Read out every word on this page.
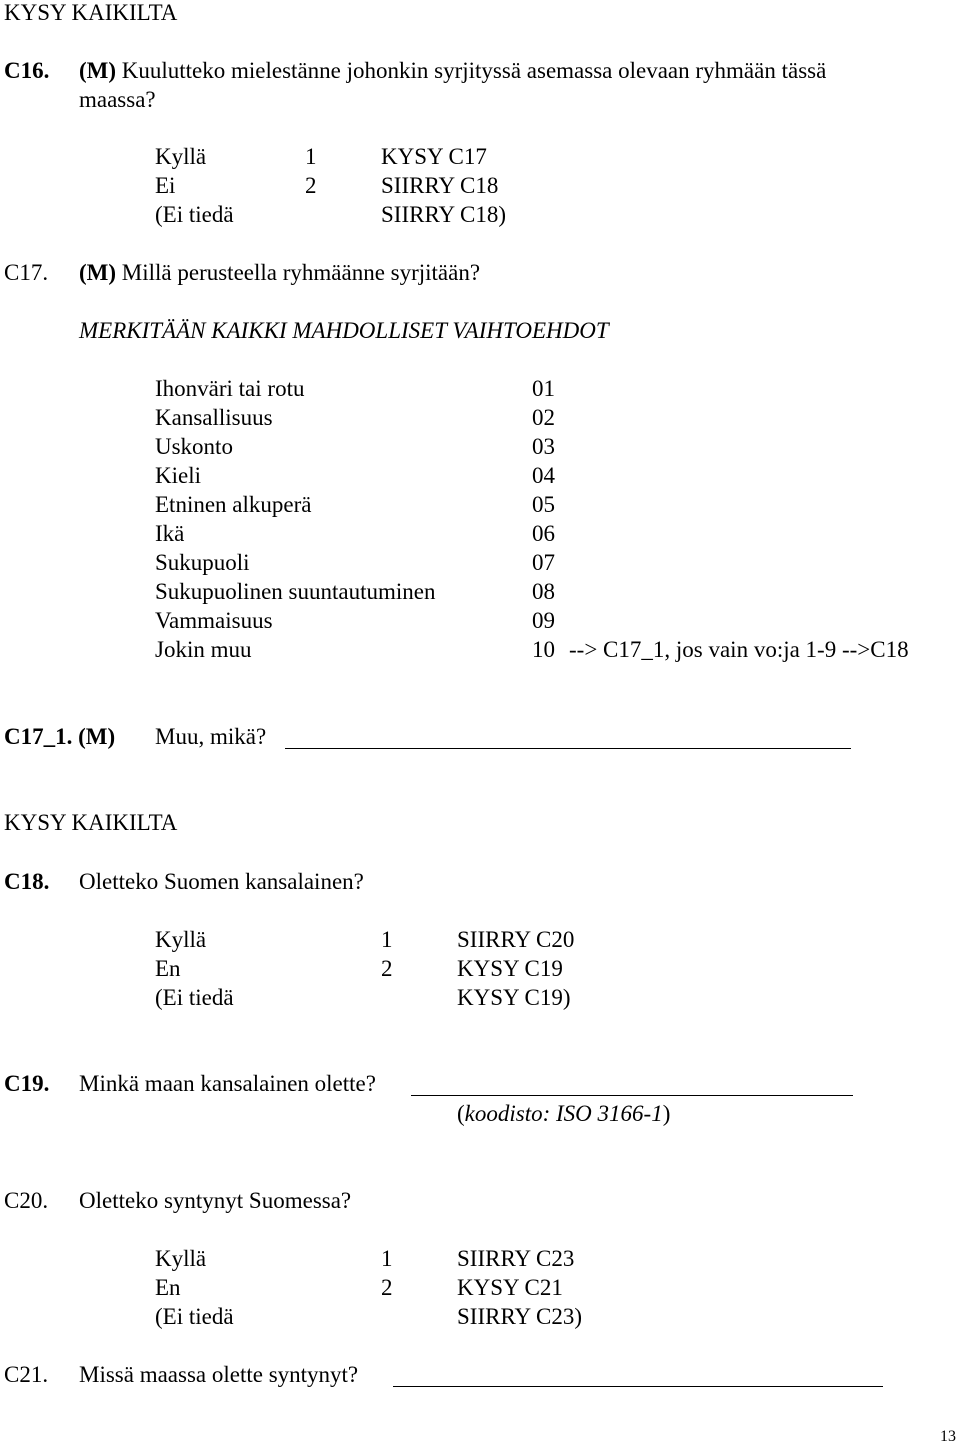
KYSY KAIKILTA
C16. (M) Kuulutteko mielestänne johonkin syrjityssä asemassa olevaan ryhmään tässä
maassa?
Kyllä	1	KYSY C17
Ei	2	SIIRRY C18
(Ei tiedä	SIIRRY C18)
C17. (M) Millä perusteella ryhmäänne syrjitään?
MERKITÄÄN KAIKKI MAHDOLLISET VAIHTOEHDOT
Ihonväri tai rotu	01
Kansallisuus	02
Uskonto	03
Kieli	04
Etninen alkuperä	05
Ikä	06
Sukupuoli	07
Sukupuolinen suuntautuminen	08
Vammaisuus	09
Jokin muu	10 --> C17_1, jos vain vo:ja 1-9 -->C18
C17_1. (M) Muu, mikä?
KYSY KAIKILTA
C18. Oletteko Suomen kansalainen?
Kyllä	1	SIIRRY C20
En	2	KYSY C19
(Ei tiedä	KYSY C19)
C19. Minkä maan kansalainen olette?
(koodisto: ISO 3166-1)
C20. Oletteko syntynyt Suomessa?
Kyllä	1	SIIRRY C23
En	2	KYSY C21
(Ei tiedä	SIIRRY C23)
C21. Missä maassa olette syntynyt?
13
